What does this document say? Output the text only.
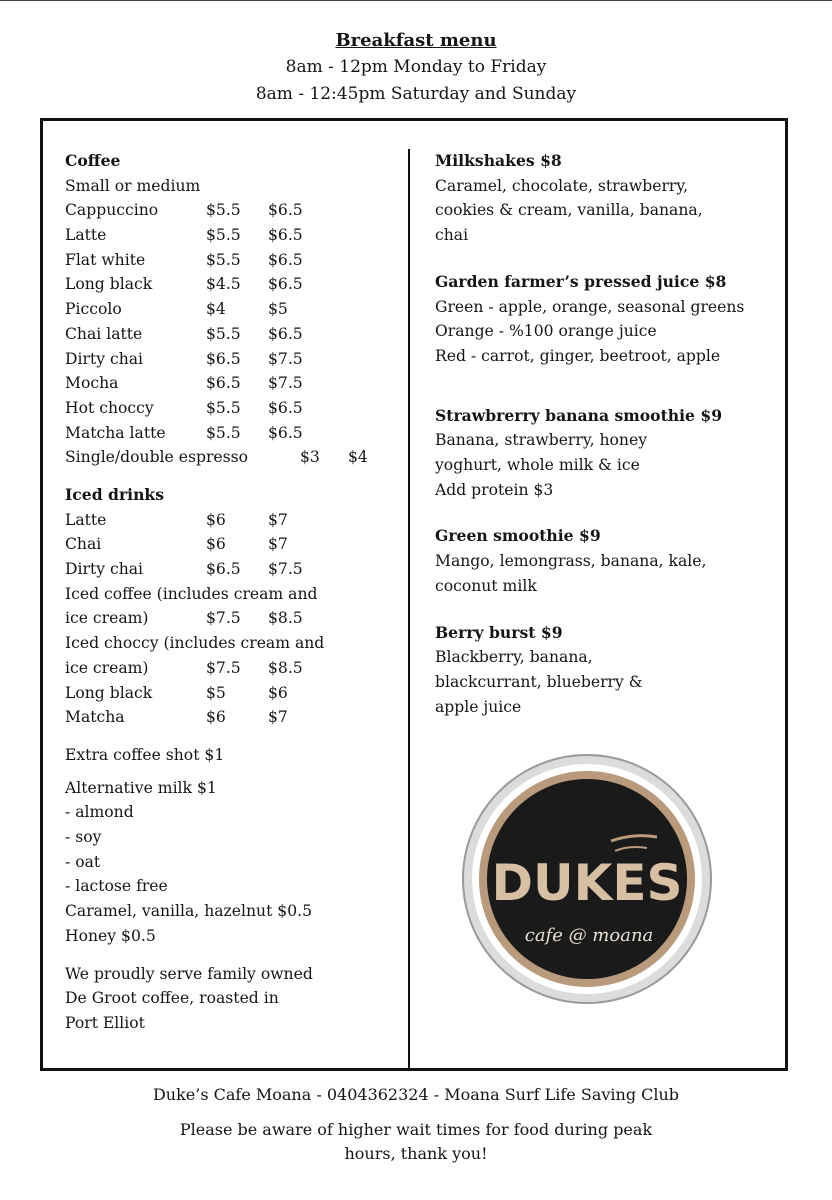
Breakfast menu
8am - 12pm Monday to Friday
8am - 12:45pm Saturday and Sunday
Coffee
Small or medium
Cappuccino	$5.5 $6.5
Latte	$5.5 $6.5
Flat white	$5.5 $6.5
Long black	$4.5 $6.5
Piccolo	$4	$5
Chai latte	$5.5 $6.5
Dirty chai	$6.5 $7.5
Mocha	$6.5 $7.5
Hot choccy	$5.5 $6.5
Matcha latte	$5.5 $6.5
Single/double espresso	$3 $4
Iced drinks
Latte	$6	$7
Chai	$6	$7
Dirty chai	$6.5 $7.5
Iced coffee (includes cream and
ice cream)	$7.5 $8.5
Iced choccy (includes cream and
ice cream)	$7.5 $8.5
Long black	$5	$6
Matcha	$6	$7
Extra coffee shot $1
Alternative milk $1
- almond
- soy
- oat
- lactose free
Caramel, vanilla, hazelnut $0.5
Honey $0.5
We proudly serve family owned
De Groot coffee, roasted in
Port Elliot
Milkshakes $8
Caramel, chocolate, strawberry,
cookies & cream, vanilla, banana,
chai
Garden farmer’s pressed juice $8
Green - apple, orange, seasonal greens
Orange - %100 orange juice
Red - carrot, ginger, beetroot, apple
Strawbrerry banana smoothie $9
Banana, strawberry, honey
yoghurt, whole milk & ice
Add protein $3
Green smoothie $9
Mango, lemongrass, banana, kale,
coconut milk
Berry burst $9
Blackberry, banana,
blackcurrant, blueberry &
apple juice
DUKES
cafe @ moana
Duke’s Cafe Moana - 0404362324 - Moana Surf Life Saving Club
Please be aware of higher wait times for food during peak
hours, thank you!
